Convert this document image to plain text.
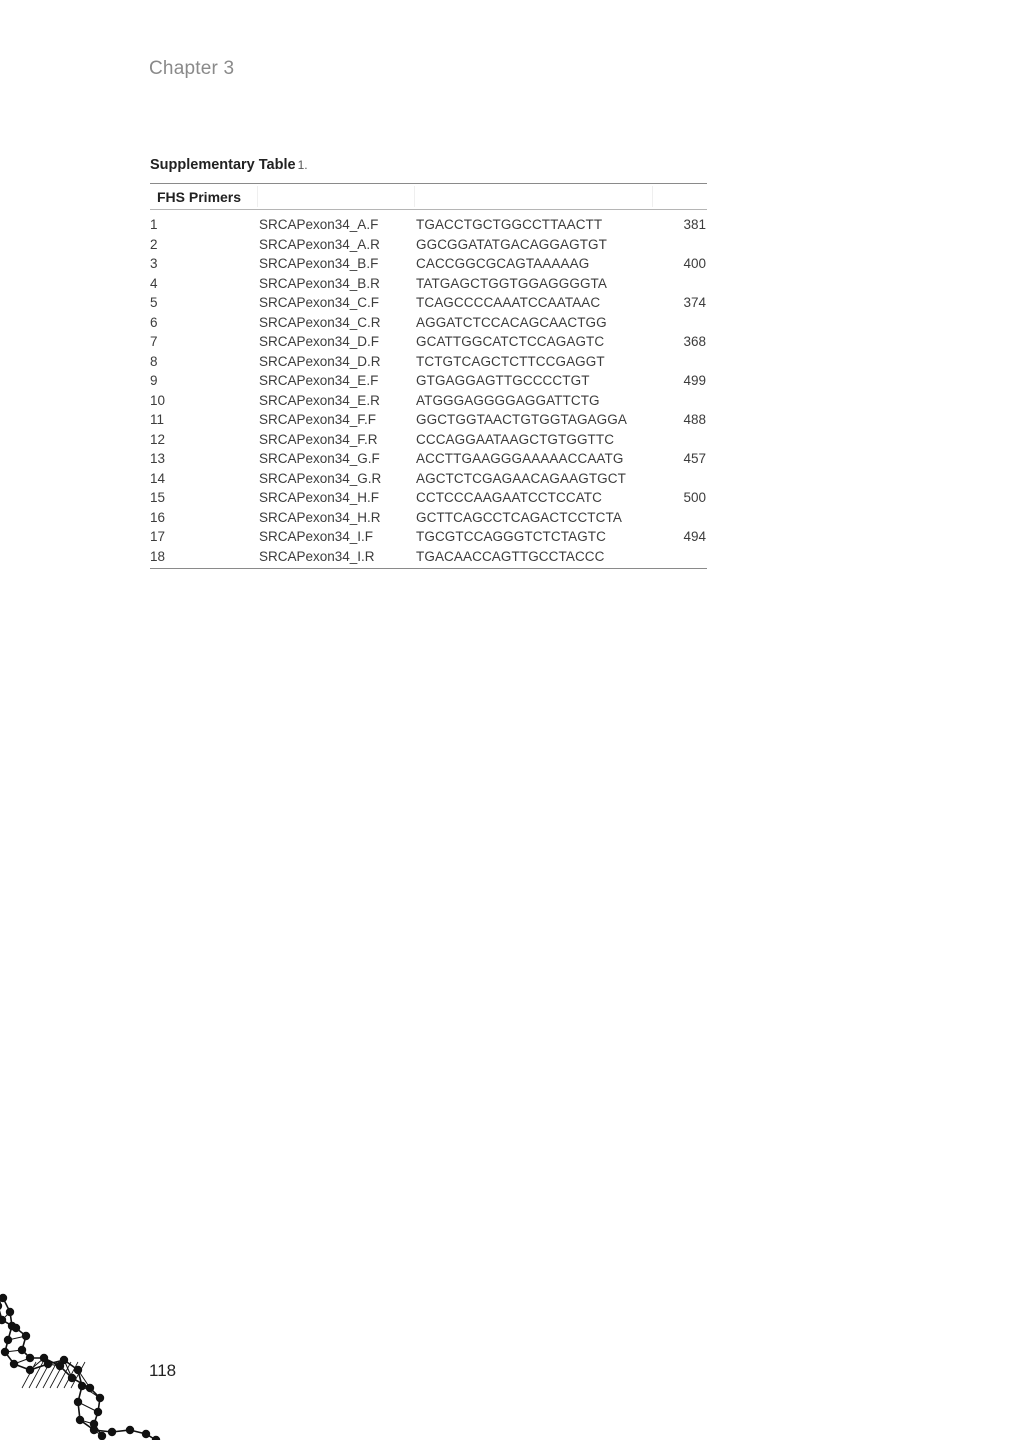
Chapter 3
Supplementary Table 1.
FHS Primers
1	SRCAPexon34_A.F	TGACCTGCTGGCCTTAACTT	381
2	SRCAPexon34_A.R	GGCGGATATGACAGGAGTGT
3	SRCAPexon34_B.F	CACCGGCGCAGTAAAAAG	400
4	SRCAPexon34_B.R	TATGAGCTGGTGGAGGGGTA
5	SRCAPexon34_C.F	TCAGCCCCAAATCCAATAAC	374
6	SRCAPexon34_C.R	AGGATCTCCACAGCAACTGG
7	SRCAPexon34_D.F	GCATTGGCATCTCCAGAGTC	368
8	SRCAPexon34_D.R	TCTGTCAGCTCTTCCGAGGT
9	SRCAPexon34_E.F	GTGAGGAGTTGCCCCTGT	499
10	SRCAPexon34_E.R	ATGGGAGGGGAGGATTCTG
11	SRCAPexon34_F.F	GGCTGGTAACTGTGGTAGAGGA	488
12	SRCAPexon34_F.R	CCCAGGAATAAGCTGTGGTTC
13	SRCAPexon34_G.F	ACCTTGAAGGGAAAAACCAATG	457
14	SRCAPexon34_G.R	AGCTCTCGAGAACAGAAGTGCT
15	SRCAPexon34_H.F	CCTCCCAAGAATCCTCCATC	500
16	SRCAPexon34_H.R	GCTTCAGCCTCAGACTCCTCTA
17	SRCAPexon34_I.F	TGCGTCCAGGGTCTCTAGTC	494
18	SRCAPexon34_I.R	TGACAACCAGTTGCCTACCC
118
